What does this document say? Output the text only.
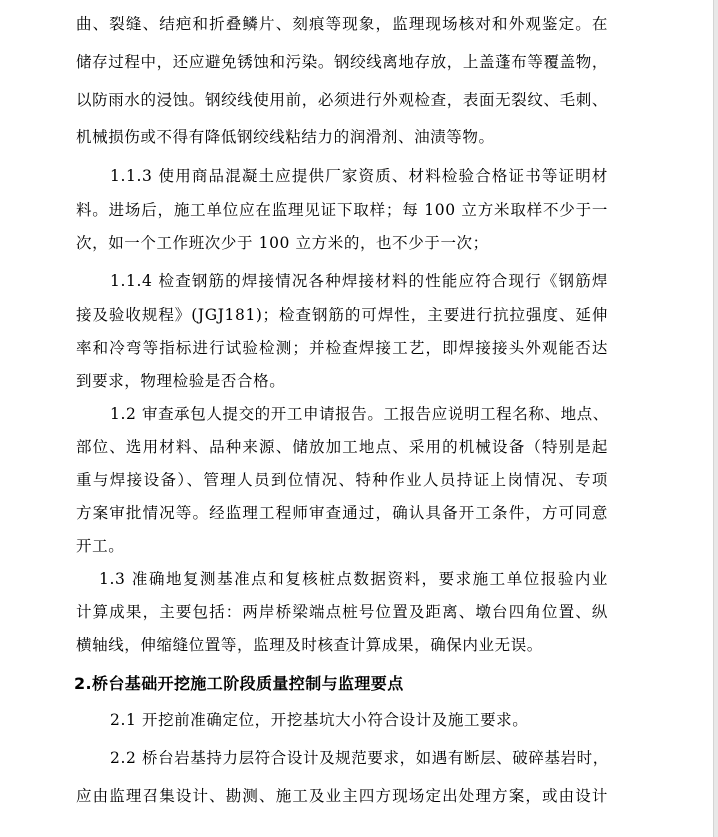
曲、裂缝、结疤和折叠鳞片、刻痕等现象，监理现场核对和外观鉴定。在
储存过程中，还应避免锈蚀和污染。钢绞线离地存放，上盖蓬布等覆盖物，
以防雨水的浸蚀。钢绞线使用前，必须进行外观检查，表面无裂纹、毛刺、
机械损伤或不得有降低钢绞线粘结力的润滑剂、油渍等物。
1.1.3 使用商品混凝土应提供厂家资质、材料检验合格证书等证明材
料。进场后，施工单位应在监理见证下取样；每 100 立方米取样不少于一
次，如一个工作班次少于 100 立方米的，也不少于一次；
1.1.4 检查钢筋的焊接情况各种焊接材料的性能应符合现行《钢筋焊
接及验收规程》(JGJ181)；检查钢筋的可焊性，主要进行抗拉强度、延伸
率和冷弯等指标进行试验检测；并检查焊接工艺，即焊接接头外观能否达
到要求，物理检验是否合格。
1.2 审查承包人提交的开工申请报告。工报告应说明工程名称、地点、
部位、选用材料、品种来源、储放加工地点、采用的机械设备（特别是起
重与焊接设备）、管理人员到位情况、特种作业人员持证上岗情况、专项
方案审批情况等。经监理工程师审查通过，确认具备开工条件，方可同意
开工。
1.3 准确地复测基准点和复核桩点数据资料，要求施工单位报验内业
计算成果，主要包括：两岸桥梁端点桩号位置及距离、墩台四角位置、纵
横轴线，伸缩缝位置等，监理及时核查计算成果，确保内业无误。
2.桥台基础开挖施工阶段质量控制与监理要点
2.1 开挖前准确定位，开挖基坑大小符合设计及施工要求。
2.2 桥台岩基持力层符合设计及规范要求，如遇有断层、破碎基岩时，
应由监理召集设计、勘测、施工及业主四方现场定出处理方案，或由设计
